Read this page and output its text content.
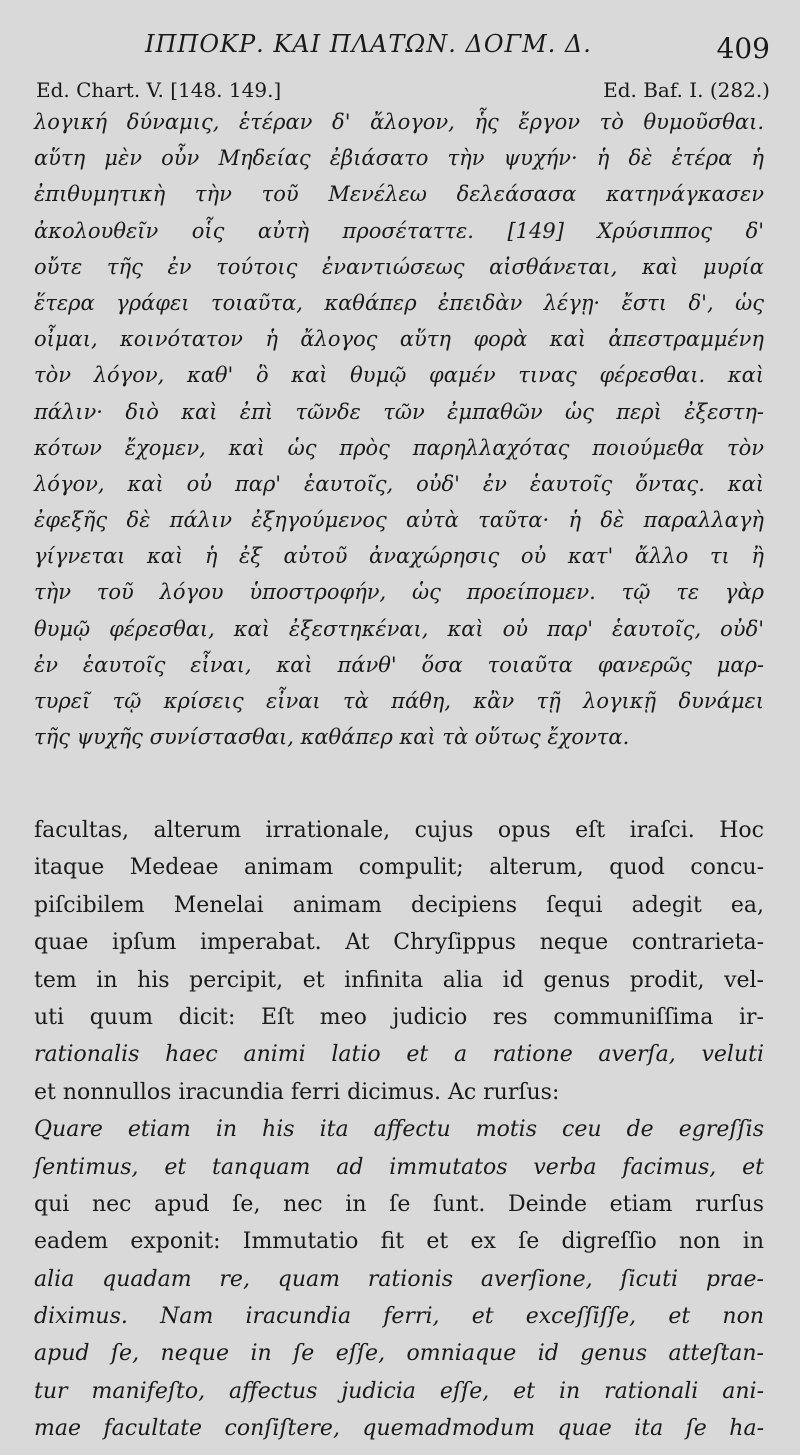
ΙΠΠΟΚΡ. ΚΑΙ ΠΛΑΤΩΝ. ΔΟΓΜ. Δ.	409
Ed. Chart. V. [148. 149.]	Ed. Baf. I. (282.)
λογική δύναμις, ἑτέραν δ' ἄλογον, ἧς ἔργον τὸ θυμοῦσθαι.
αὕτη μὲν οὖν Μηδείας ἐβιάσατο τὴν ψυχήν· ἡ δὲ ἑτέρα ἡ
ἐπιθυμητικὴ τὴν τοῦ Μενέλεω δελεάσασα κατηνάγκασεν
ἀκολουθεῖν οἷς αὐτὴ προσέταττε. [149] Χρύσιππος δ'
οὔτε τῆς ἐν τούτοις ἐναντιώσεως αἰσθάνεται, καὶ μυρία
ἕτερα γράφει τοιαῦτα, καθάπερ ἐπειδὰν λέγῃ· ἔστι δ', ὡς
οἶμαι, κοινότατον ἡ ἄλογος αὕτη φορὰ καὶ ἀπεστραμμένη
τὸν λόγον, καθ' ὃ καὶ θυμῷ φαμέν τινας φέρεσθαι. καὶ
πάλιν· διὸ καὶ ἐπὶ τῶνδε τῶν ἐμπαθῶν ὡς περὶ ἐξεστη-
κότων ἔχομεν, καὶ ὡς πρὸς παρηλλαχότας ποιούμεθα τὸν
λόγον, καὶ οὐ παρ' ἑαυτοῖς, οὐδ' ἐν ἑαυτοῖς ὄντας. καὶ
ἐφεξῆς δὲ πάλιν ἐξηγούμενος αὐτὰ ταῦτα· ἡ δὲ παραλλαγὴ
γίγνεται καὶ ἡ ἐξ αὐτοῦ ἀναχώρησις οὐ κατ' ἄλλο τι ἢ
τὴν τοῦ λόγου ὑποστροφήν, ὡς προείπομεν. τῷ τε γὰρ
θυμῷ φέρεσθαι, καὶ ἐξεστηκέναι, καὶ οὐ παρ' ἑαυτοῖς, οὐδ'
ἐν ἑαυτοῖς εἶναι, καὶ πάνθ' ὅσα τοιαῦτα φανερῶς μαρ-
τυρεῖ τῷ κρίσεις εἶναι τὰ πάθη, κἂν τῇ λογικῇ δυνάμει
τῆς ψυχῆς συνίστασθαι, καθάπερ καὶ τὰ οὕτως ἔχοντα.
facultas, alterum irrationale, cujus opus eſt iraſci. Hoc
itaque Medeae animam compulit; alterum, quod concu-
piſcibilem Menelai animam decipiens ſequi adegit ea,
quae ipſum imperabat. At Chryſippus neque contrarieta-
tem in his percipit, et infinita alia id genus prodit, vel-
uti quum dicit: Eſt meo judicio res communiſſima ir-
rationalis haec animi latio et a ratione averſa, veluti
et nonnullos iracundia ferri dicimus. Ac rurſus:
Quare etiam in his ita affectu motis ceu de egreſſis
ſentimus, et tanquam ad immutatos verba facimus, et
qui nec apud ſe, nec in ſe ſunt. Deinde etiam rurſus
eadem exponit: Immutatio fit et ex ſe digreſſio non in
alia quadam re, quam rationis averſione, ſicuti prae-
diximus. Nam iracundia ferri, et exceſſiſſe, et non
apud ſe, neque in ſe eſſe, omniaque id genus atteſtan-
tur manifeſto, affectus judicia eſſe, et in rationali ani-
mae facultate conſiſtere, quemadmodum quae ita ſe ha-
